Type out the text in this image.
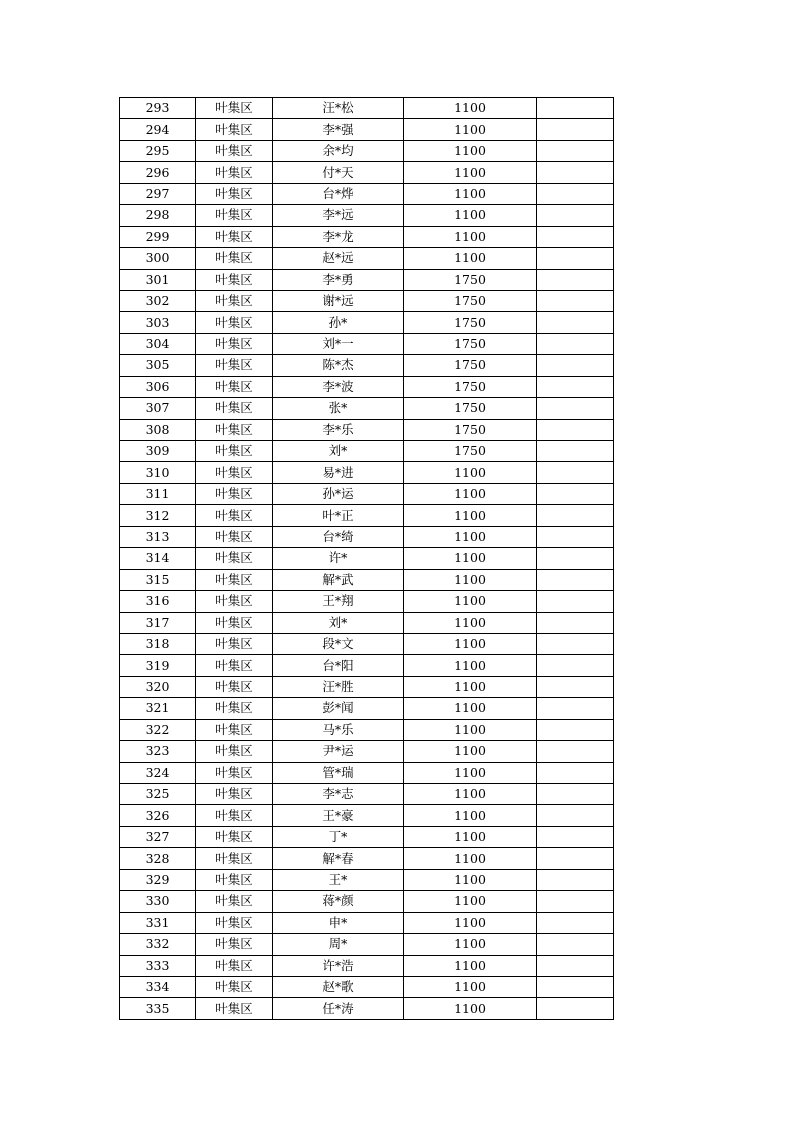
293	叶集区	汪*松	1100	
294	叶集区	李*强	1100	
295	叶集区	余*均	1100	
296	叶集区	付*天	1100	
297	叶集区	台*烨	1100	
298	叶集区	李*远	1100	
299	叶集区	李*龙	1100	
300	叶集区	赵*远	1100	
301	叶集区	李*勇	1750	
302	叶集区	谢*远	1750	
303	叶集区	孙*	1750	
304	叶集区	刘*一	1750	
305	叶集区	陈*杰	1750	
306	叶集区	李*波	1750	
307	叶集区	张*	1750	
308	叶集区	李*乐	1750	
309	叶集区	刘*	1750	
310	叶集区	易*进	1100	
311	叶集区	孙*运	1100	
312	叶集区	叶*正	1100	
313	叶集区	台*绮	1100	
314	叶集区	许*	1100	
315	叶集区	解*武	1100	
316	叶集区	王*翔	1100	
317	叶集区	刘*	1100	
318	叶集区	段*文	1100	
319	叶集区	台*阳	1100	
320	叶集区	汪*胜	1100	
321	叶集区	彭*闻	1100	
322	叶集区	马*乐	1100	
323	叶集区	尹*运	1100	
324	叶集区	管*瑞	1100	
325	叶集区	李*志	1100	
326	叶集区	王*豪	1100	
327	叶集区	丁*	1100	
328	叶集区	解*春	1100	
329	叶集区	王*	1100	
330	叶集区	蒋*颜	1100	
331	叶集区	申*	1100	
332	叶集区	周*	1100	
333	叶集区	许*浩	1100	
334	叶集区	赵*歌	1100	
335	叶集区	任*涛	1100	
